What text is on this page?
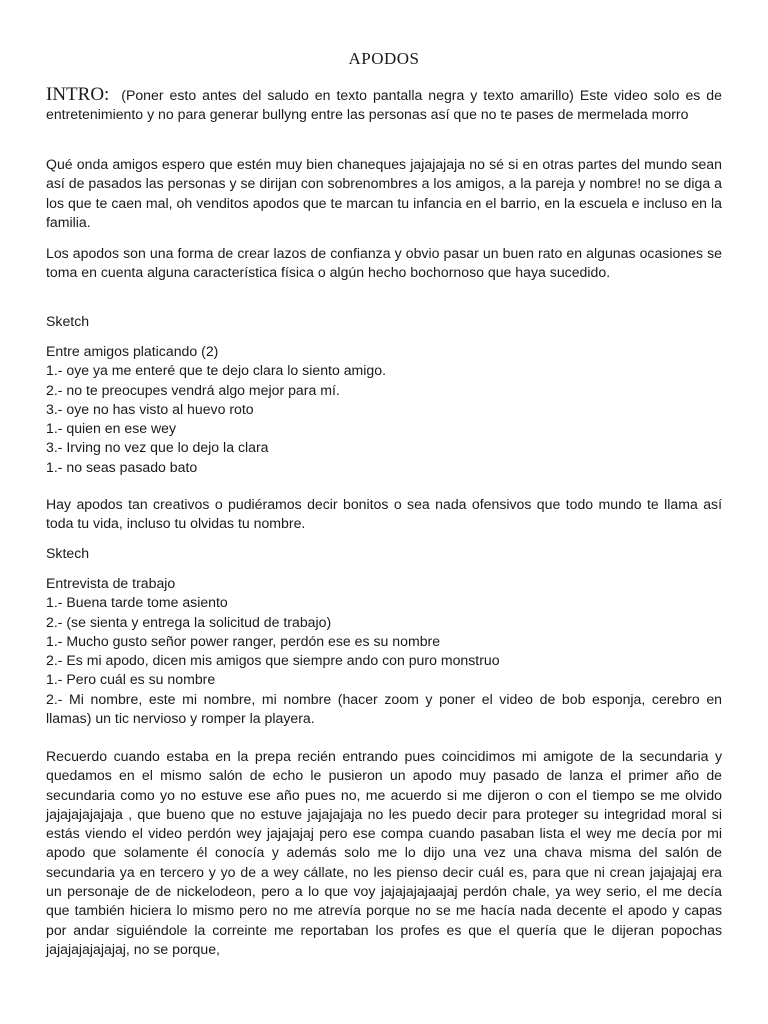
APODOS
INTRO: (Poner esto antes del saludo en texto pantalla negra y texto amarillo) Este video solo es de entretenimiento y no para generar bullyng entre las personas así que no te pases de mermelada morro
Qué onda amigos espero que estén muy bien chaneques jajajajaja no sé si en otras partes del mundo sean así de pasados las personas y se dirijan con sobrenombres a los amigos, a la pareja y nombre! no se diga a los que te caen mal, oh venditos apodos que te marcan tu infancia en el barrio, en la escuela e incluso en la familia.
Los apodos son una forma de crear lazos de confianza y obvio pasar un buen rato en algunas ocasiones se toma en cuenta alguna característica física o algún hecho bochornoso que haya sucedido.
Sketch
Entre amigos platicando (2)
1.- oye ya me enteré que te dejo clara lo siento amigo.
2.- no te preocupes vendrá algo mejor para mí.
3.- oye no has visto al huevo roto
1.- quien en ese wey
3.- Irving no vez que lo dejo la clara
1.- no seas pasado bato
Hay apodos tan creativos o pudiéramos decir bonitos o sea nada ofensivos que todo mundo te llama así toda tu vida, incluso tu olvidas tu nombre.
Sktech
Entrevista de trabajo
1.- Buena tarde tome asiento
2.- (se sienta y entrega la solicitud de trabajo)
1.- Mucho gusto señor power ranger, perdón ese es su nombre
2.- Es mi apodo, dicen mis amigos que siempre ando con puro monstruo
1.- Pero cuál es su nombre
2.- Mi nombre, este mi nombre, mi nombre (hacer zoom y poner el video de bob esponja, cerebro en llamas) un tic nervioso y romper la playera.
Recuerdo cuando estaba en la prepa recién entrando pues coincidimos mi amigote de la secundaria y quedamos en el mismo salón de echo le pusieron un apodo muy pasado de lanza el primer año de secundaria como yo no estuve ese año pues no, me acuerdo si me dijeron o con el tiempo se me olvido jajajajajajaja , que bueno que no estuve jajajajaja no les puedo decir para proteger su integridad moral si estás viendo el video perdón wey jajajajaj pero ese compa cuando pasaban lista el wey me decía por mi apodo que solamente él conocía y además solo me lo dijo una vez una chava misma del salón de secundaria ya en tercero y yo de a wey cállate, no les pienso decir cuál es, para que ni crean jajajajaj era un personaje de de nickelodeon, pero a lo que voy jajajajajaajaj perdón chale, ya wey serio, el me decía que también hiciera lo mismo pero no me atrevía porque no se me hacía nada decente el apodo y capas por andar siguiéndole la correinte me reportaban los profes es que el quería que le dijeran popochas jajajajajajajaj, no se porque,
